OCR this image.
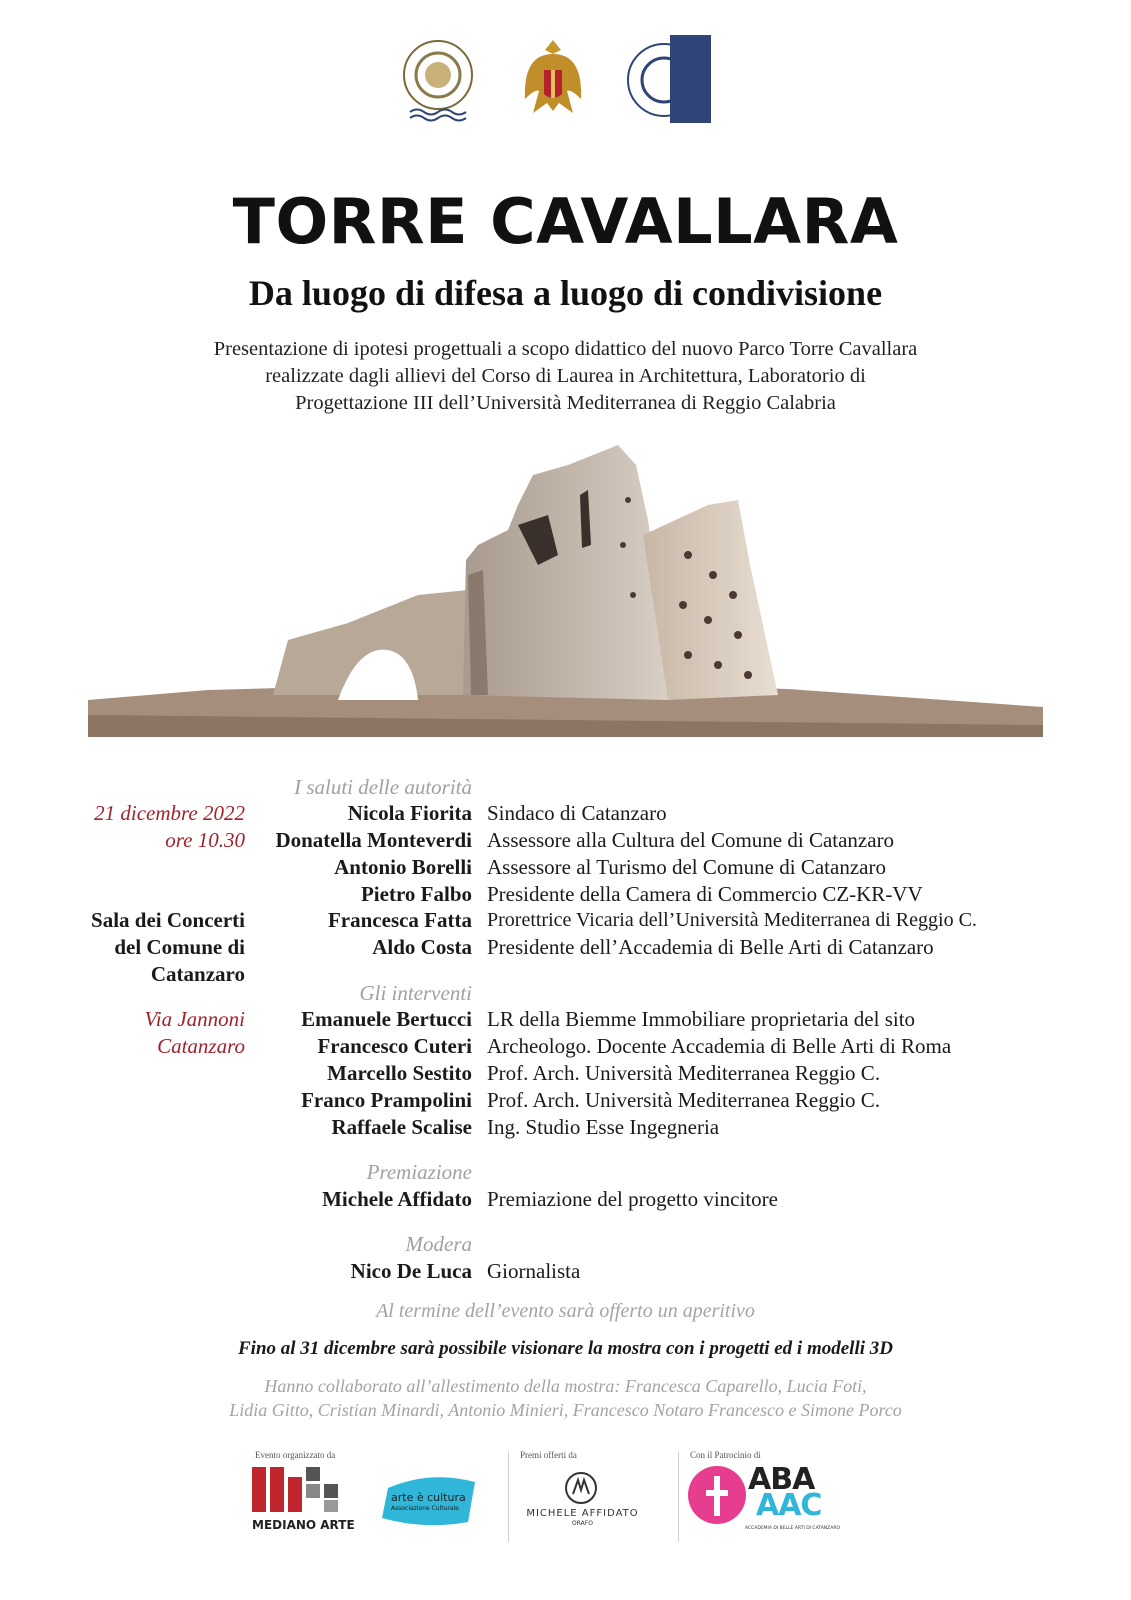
TORRE CAVALLARA
Da luogo di difesa a luogo di condivisione
Presentazione di ipotesi progettuali a scopo didattico del nuovo Parco Torre Cavallara
realizzate dagli allievi del Corso di Laurea in Architettura, Laboratorio di
Progettazione III dell’Università Mediterranea di Reggio Calabria
21 dicembre 2022
ore 10.30
Sala dei Concerti
del Comune di
Catanzaro
Via Jannoni
Catanzaro
I saluti delle autorità
Nicola Fiorita Sindaco di Catanzaro
Donatella Monteverdi Assessore alla Cultura del Comune di Catanzaro
Antonio Borelli Assessore al Turismo del Comune di Catanzaro
Pietro Falbo Presidente della Camera di Commercio CZ-KR-VV
Francesca Fatta Prorettrice Vicaria dell’Università Mediterranea di Reggio C.
Aldo Costa Presidente dell’Accademia di Belle Arti di Catanzaro
Gli interventi
Emanuele Bertucci LR della Biemme Immobiliare proprietaria del sito
Francesco Cuteri Archeologo. Docente Accademia di Belle Arti di Roma
Marcello Sestito Prof. Arch. Università Mediterranea Reggio C.
Franco Prampolini Prof. Arch. Università Mediterranea Reggio C.
Raffaele Scalise Ing. Studio Esse Ingegneria
Premiazione
Michele Affidato Premiazione del progetto vincitore
Modera
Nico De Luca Giornalista
Al termine dell’evento sarà offerto un aperitivo
Fino al 31 dicembre sarà possibile visionare la mostra con i progetti ed i modelli 3D
Hanno collaborato all’allestimento della mostra: Francesca Caparello, Lucia Foti,
Lidia Gitto, Cristian Minardi, Antonio Minieri, Francesco Notaro Francesco e Simone Porco
Evento organizzato da
MEDIANO ARTE
arte è cultura
Associazione Culturale
Premi offerti da
MICHELE AFFIDATO
ORAFO
Con il Patrocinio di
ABA
AAC
ACCADEMIA DI BELLE ARTI DI CATANZARO
